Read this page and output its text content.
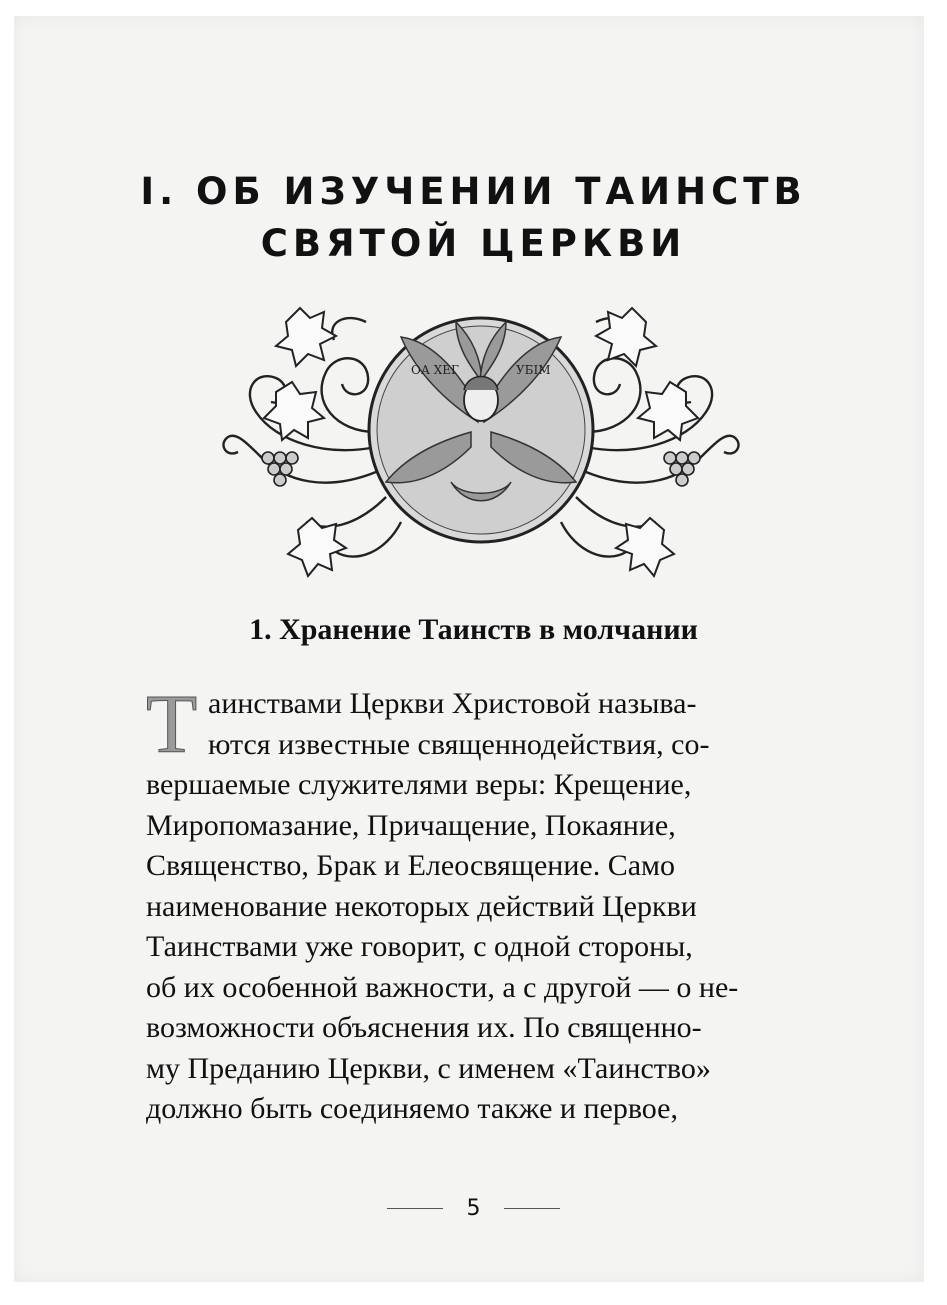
I. ОБ ИЗУЧЕНИИ ТАИНСТВ
СВЯТОЙ ЦЕРКВИ
ОА ХЕГ	УБІМ
1. Хранение Таинств в молчании
Т аинствами Церкви Христовой называ-
ются известные священнодействия, со-
вершаемые служителями веры: Крещение,
Миропомазание, Причащение, Покаяние,
Священство, Брак и Елеосвящение. Само
наименование некоторых действий Церкви
Таинствами уже говорит, с одной стороны,
об их особенной важности, а с другой — о не-
возможности объяснения их. По священно-
му Преданию Церкви, с именем «Таинство»
должно быть соединяемо также и первое,
5
